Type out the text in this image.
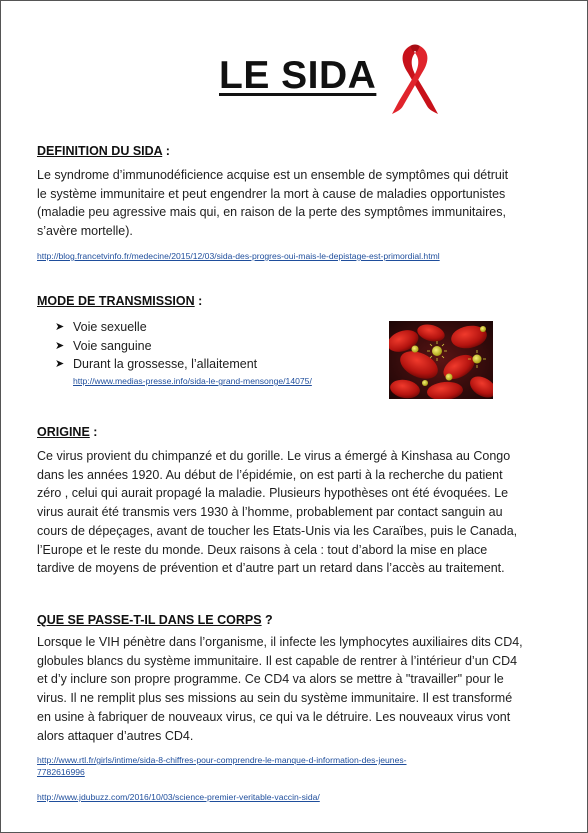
LE SIDA
DEFINITION DU SIDA :
Le syndrome d’immunodéficience acquise est un ensemble de symptômes qui détruit
le système immunitaire et peut engendrer la mort à cause de maladies opportunistes
(maladie peu agressive mais qui, en raison de la perte des symptômes immunitaires,
s’avère mortelle).
http://blog.francetvinfo.fr/medecine/2015/12/03/sida-des-progres-oui-mais-le-depistage-est-primordial.html
MODE DE TRANSMISSION :
➤ Voie sexuelle
➤ Voie sanguine
➤ Durant la grossesse, l’allaitement
http://www.medias-presse.info/sida-le-grand-mensonge/14075/
ORIGINE :
Ce virus provient du chimpanzé et du gorille. Le virus a émergé à Kinshasa au Congo
dans les années 1920. Au début de l’épidémie, on est parti à la recherche du patient
zéro , celui qui aurait propagé la maladie. Plusieurs hypothèses ont été évoquées. Le
virus aurait été transmis vers 1930 à l’homme, probablement par contact sanguin au
cours de dépeçages, avant de toucher les Etats-Unis via les Caraïbes, puis le Canada,
l’Europe et le reste du monde. Deux raisons à cela : tout d’abord la mise en place
tardive de moyens de prévention et d’autre part un retard dans l’accès au traitement.
QUE SE PASSE-T-IL DANS LE CORPS ?
Lorsque le VIH pénètre dans l’organisme, il infecte les lymphocytes auxiliaires dits CD4,
globules blancs du système immunitaire. Il est capable de rentrer à l’intérieur d’un CD4
et d’y inclure son propre programme. Ce CD4 va alors se mettre à "travailler" pour le
virus. Il ne remplit plus ses missions au sein du système immunitaire. Il est transformé
en usine à fabriquer de nouveaux virus, ce qui va le détruire. Les nouveaux virus vont
alors attaquer d’autres CD4.
http://www.rtl.fr/girls/intime/sida-8-chiffres-pour-comprendre-le-manque-d-information-des-jeunes-
7782616996
http://www.jdubuzz.com/2016/10/03/science-premier-veritable-vaccin-sida/
